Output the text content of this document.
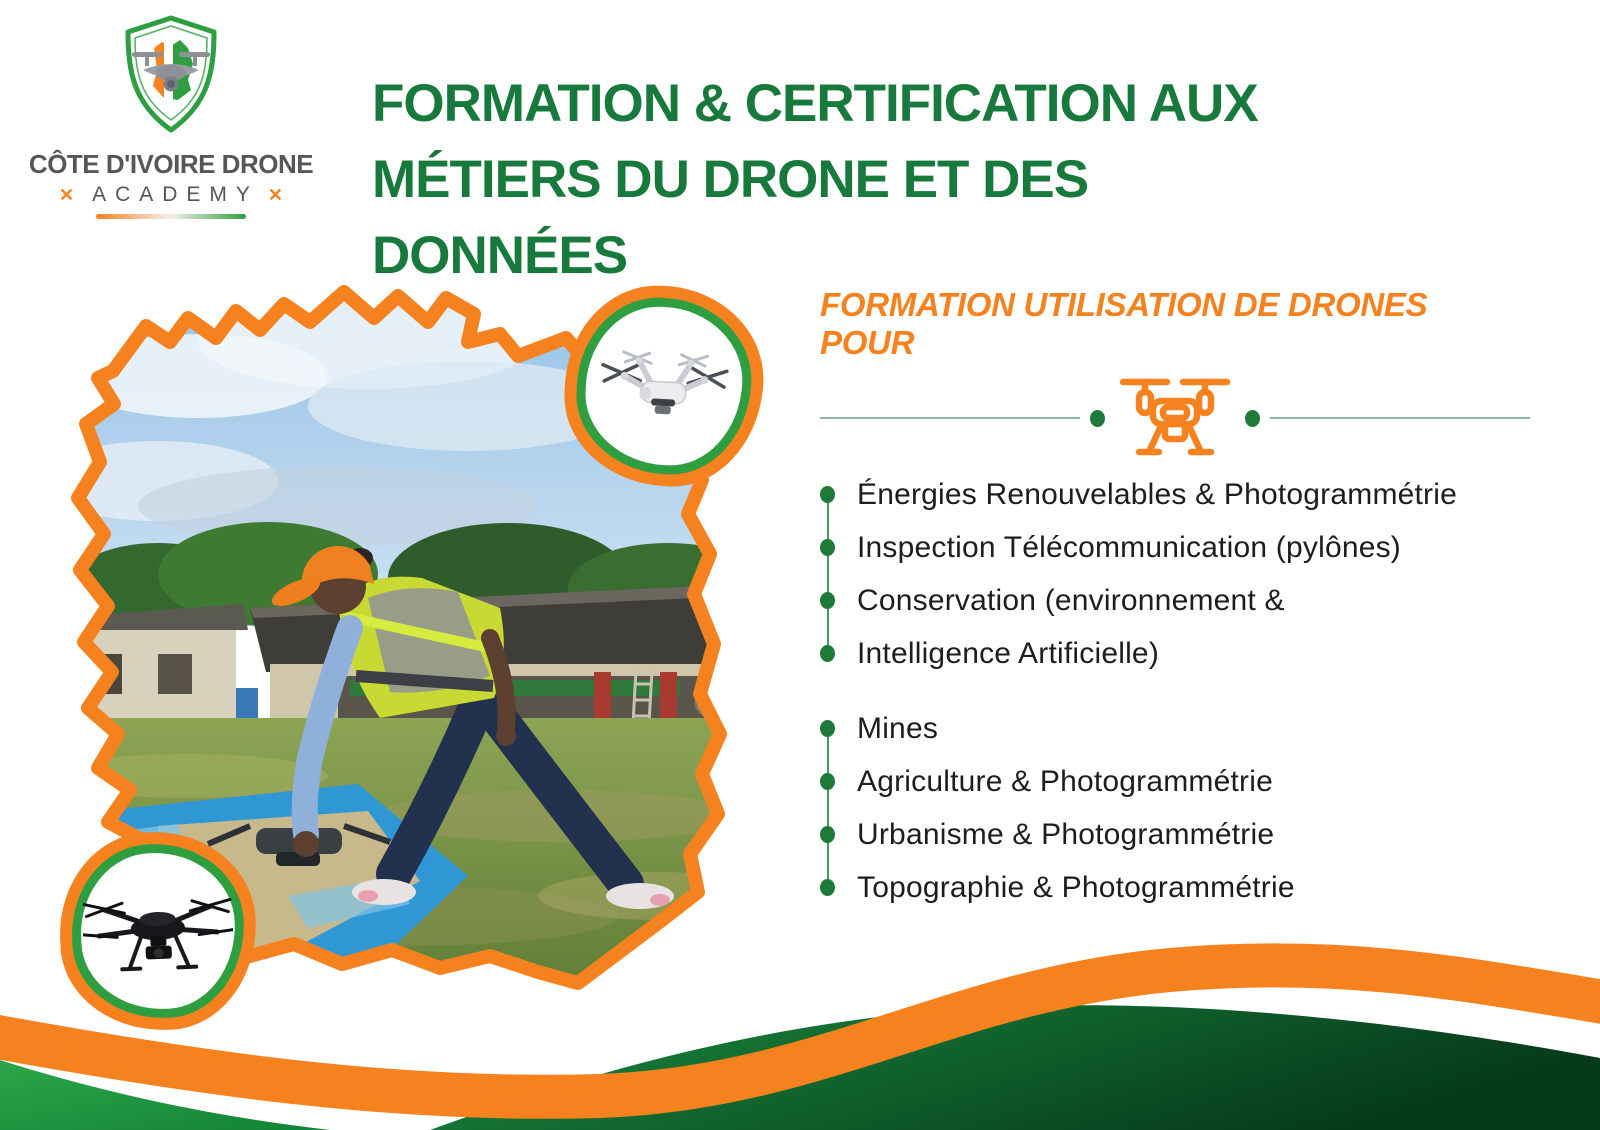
CÔTE D'IVOIRE DRONE
✕ ACADEMY ✕
FORMATION & CERTIFICATION AUX
MÉTIERS DU DRONE ET DES DONNÉES
FORMATION UTILISATION DE DRONES POUR
Énergies Renouvelables & Photogrammétrie
Inspection Télécommunication (pylônes)
Conservation (environnement &
Intelligence Artificielle)
Mines
Agriculture & Photogrammétrie
Urbanisme & Photogrammétrie
Topographie & Photogrammétrie
